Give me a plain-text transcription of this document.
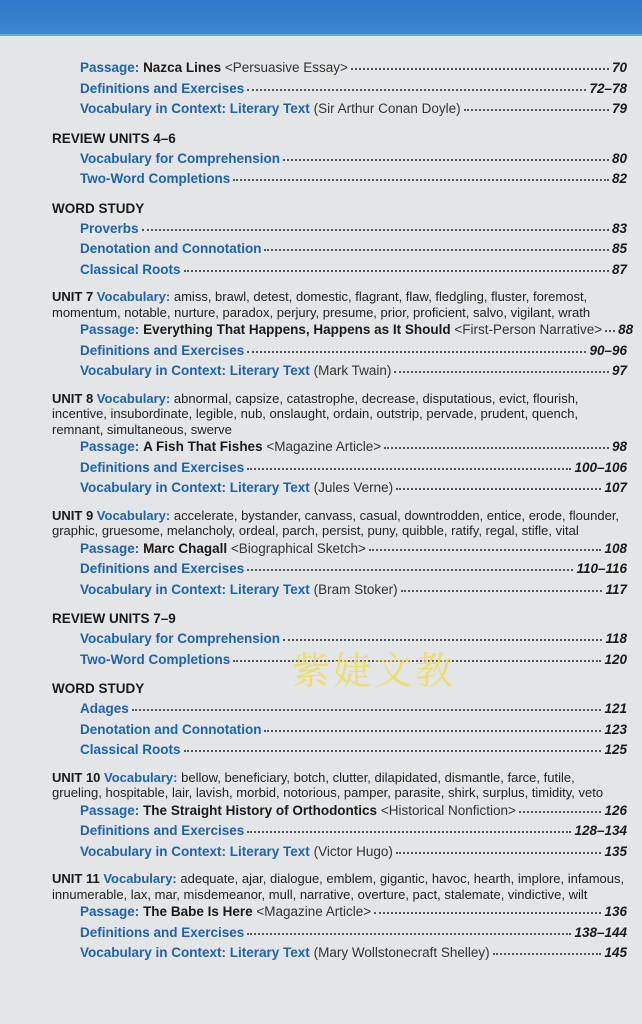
Passage:
Nazca Lines
<Persuasive Essay>	70
Definitions and Exercises	72–78
Vocabulary in Context: Literary Text
(Sir Arthur Conan Doyle)	79
REVIEW UNITS 4–6
Vocabulary for Comprehension	80
Two-Word Completions	82
WORD STUDY
Proverbs	83
Denotation and Connotation	85
Classical Roots	87
UNIT 7 Vocabulary: amiss, brawl, detest, domestic, flagrant, flaw, fledgling, fluster, foremost, momentum, notable, nurture, paradox, perjury, presume, prior, proficient, salvo, vigilant, wrath
Passage:
Everything That Happens, Happens as It Should
<First-Person Narrative> 88
Definitions and Exercises	90–96
Vocabulary in Context: Literary Text
(Mark Twain)	97
UNIT 8 Vocabulary: abnormal, capsize, catastrophe, decrease, disputatious, evict, flourish, incentive, insubordinate, legible, nub, onslaught, ordain, outstrip, pervade, prudent, quench, remnant, simultaneous, swerve
Passage:
A Fish That Fishes
<Magazine Article>	98
Definitions and Exercises	100–106
Vocabulary in Context: Literary Text
(Jules Verne)	107
UNIT 9 Vocabulary: accelerate, bystander, canvass, casual, downtrodden, entice, erode, flounder, graphic, gruesome, melancholy, ordeal, parch, persist, puny, quibble, ratify, regal, stifle, vital
Passage:
Marc Chagall
<Biographical Sketch>	108
Definitions and Exercises	110–116
Vocabulary in Context: Literary Text
(Bram Stoker)	117
REVIEW UNITS 7–9
Vocabulary for Comprehension	118
Two-Word Completions	120
WORD STUDY
Adages	121
Denotation and Connotation	123
Classical Roots	125
UNIT 10 Vocabulary: bellow, beneficiary, botch, clutter, dilapidated, dismantle, farce, futile, grueling, hospitable, lair, lavish, morbid, notorious, pamper, parasite, shirk, surplus, timidity, veto
Passage:
The Straight History of Orthodontics
<Historical Nonfiction>	126
Definitions and Exercises	128–134
Vocabulary in Context: Literary Text
(Victor Hugo)	135
UNIT 11 Vocabulary: adequate, ajar, dialogue, emblem, gigantic, havoc, hearth, implore, infamous, innumerable, lax, mar, misdemeanor, mull, narrative, overture, pact, stalemate, vindictive, wilt
Passage:
The Babe Is Here
<Magazine Article>	136
Definitions and Exercises	138–144
Vocabulary in Context: Literary Text
(Mary Wollstonecraft Shelley)	145
紫婕文教
